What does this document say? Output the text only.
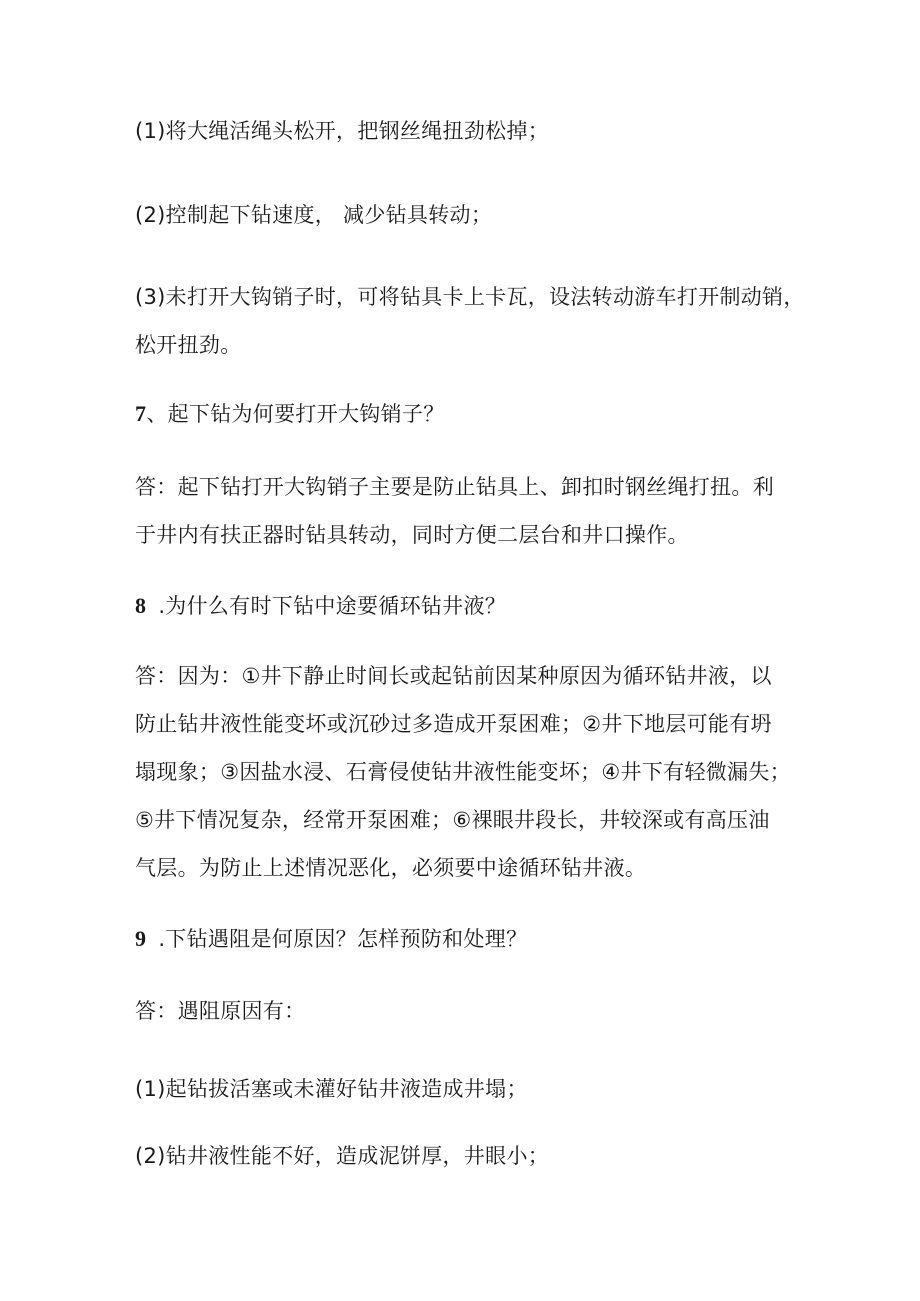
(1)将大绳活绳头松开，把钢丝绳扭劲松掉；
(2)控制起下钻速度， 减少钻具转动；
(3)未打开大钩销子时，可将钻具卡上卡瓦，设法转动游车打开制动销，
松开扭劲。
7、起下钻为何要打开大钩销子？
答：起下钻打开大钩销子主要是防止钻具上、卸扣时钢丝绳打扭。利
于井内有扶正器时钻具转动，同时方便二层台和井口操作。
8 .为什么有时下钻中途要循环钻井液？
答：因为：①井下静止时间长或起钻前因某种原因为循环钻井液，以
防止钻井液性能变坏或沉砂过多造成开泵困难；②井下地层可能有坍
塌现象；③因盐水浸、石膏侵使钻井液性能变坏；④井下有轻微漏失；
⑤井下情况复杂，经常开泵困难；⑥裸眼井段长，井较深或有高压油
气层。为防止上述情况恶化，必须要中途循环钻井液。
9 .下钻遇阻是何原因？怎样预防和处理？
答：遇阻原因有：
(1)起钻拔活塞或未灌好钻井液造成井塌；
(2)钻井液性能不好，造成泥饼厚，井眼小；
